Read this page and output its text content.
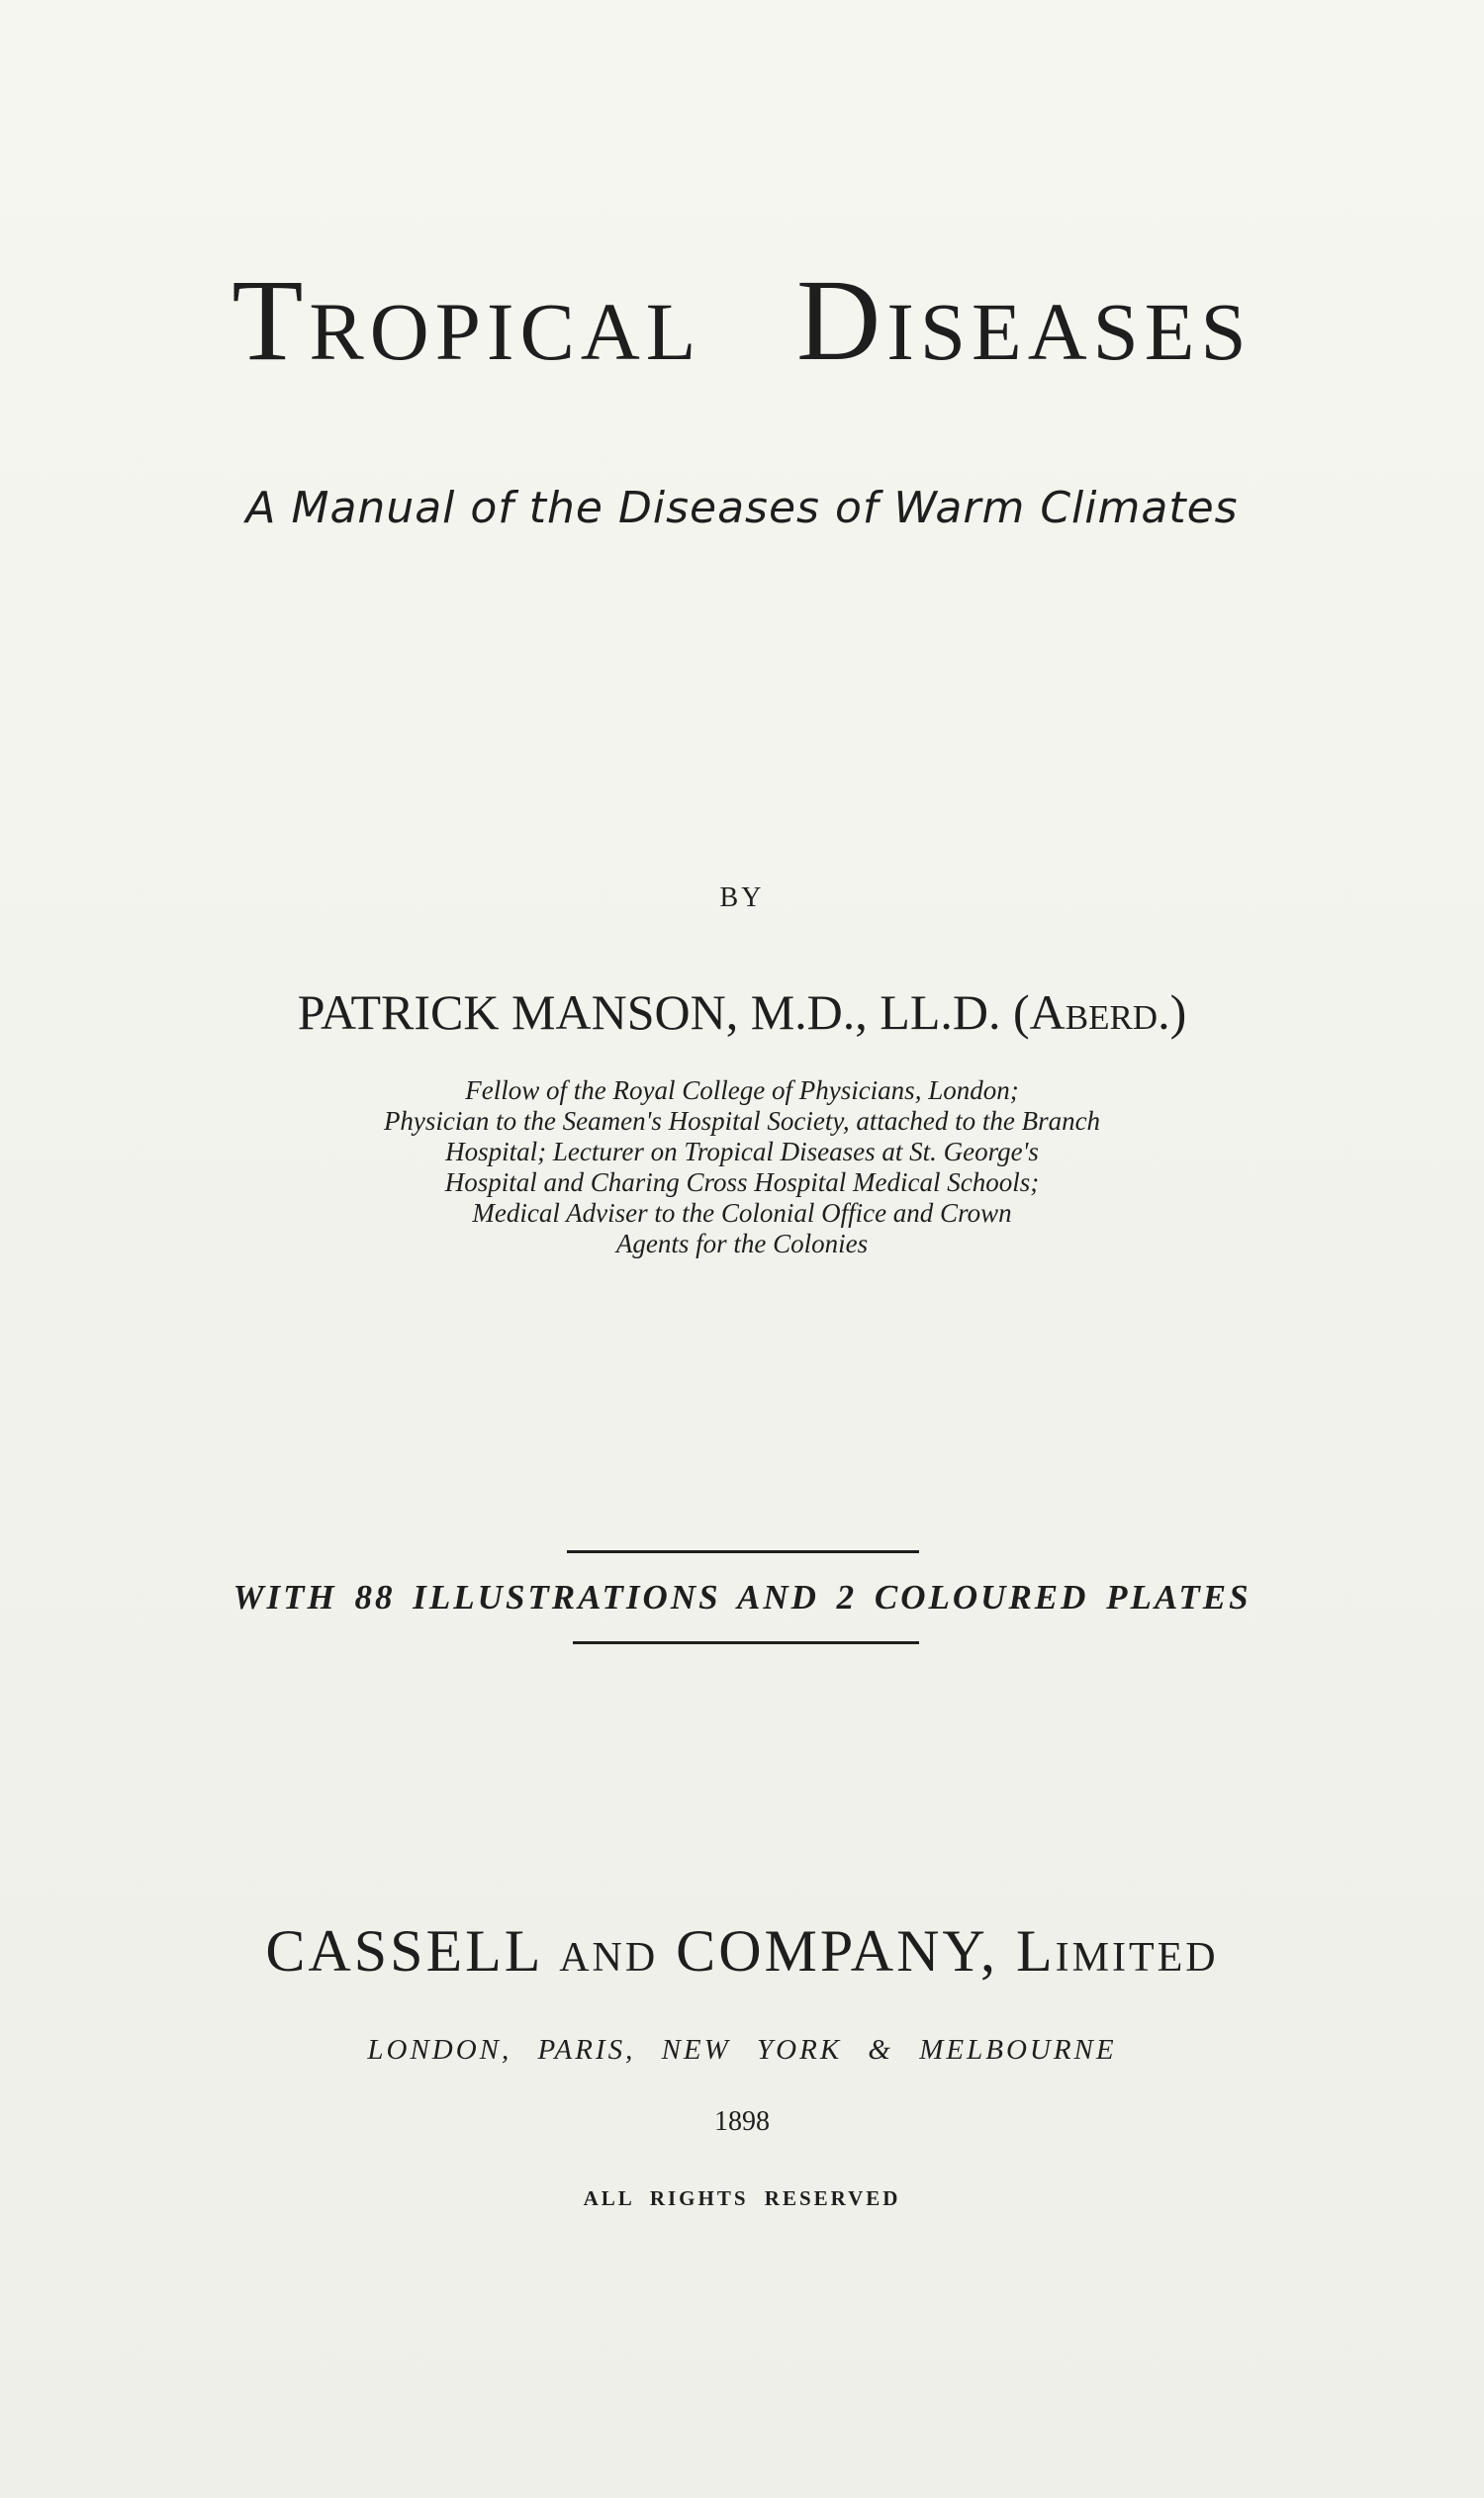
Tropical Diseases
A Manual of the Diseases of Warm Climates
BY
PATRICK MANSON, M.D., LL.D. (Aberd.)
Fellow of the Royal College of Physicians, London;
Physician to the Seamen's Hospital Society, attached to the Branch
Hospital; Lecturer on Tropical Diseases at St. George's
Hospital and Charing Cross Hospital Medical Schools;
Medical Adviser to the Colonial Office and Crown
Agents for the Colonies
WITH 88 ILLUSTRATIONS AND 2 COLOURED PLATES
CASSELL and COMPANY, Limited
LONDON, PARIS, NEW YORK & MELBOURNE
1898
ALL RIGHTS RESERVED
